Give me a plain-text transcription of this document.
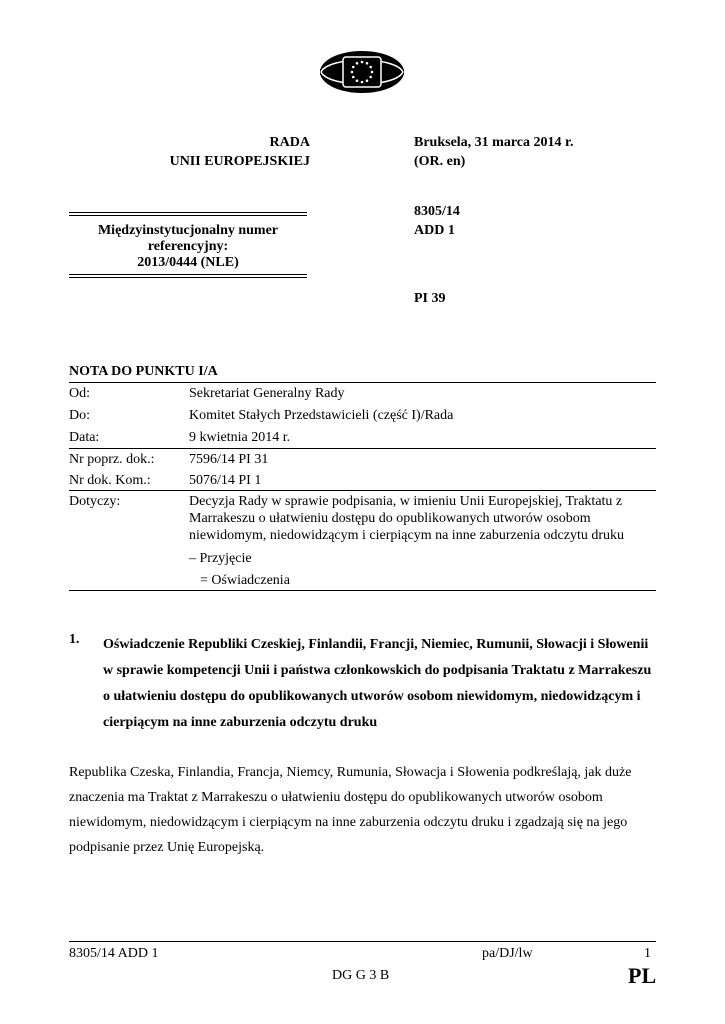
RADA
UNII EUROPEJSKIEJ
Bruksela, 31 marca 2014 r.
(OR. en)
8305/14
ADD 1
PI 39
Międzyinstytucjonalny numer
referencyjny:
2013/0444 (NLE)
NOTA DO PUNKTU I/A
Od:	Sekretariat Generalny Rady
Do:	Komitet Stałych Przedstawicieli (część I)/Rada
Data:	9 kwietnia 2014 r.
Nr poprz. dok.: 7596/14 PI 31
Nr dok. Kom.:	5076/14 PI 1
Dotyczy:	Decyzja Rady w sprawie podpisania, w imieniu Unii Europejskiej, Traktatu z Marrakeszu o ułatwieniu dostępu do opublikowanych utworów osobom niewidomym, niedowidzącym i cierpiącym na inne zaburzenia odczytu druku
– Przyjęcie
= Oświadczenia
1. Oświadczenie Republiki Czeskiej, Finlandii, Francji, Niemiec, Rumunii, Słowacji i Słowenii w sprawie kompetencji Unii i państwa członkowskich do podpisania Traktatu z Marrakeszu o ułatwieniu dostępu do opublikowanych utworów osobom niewidomym, niedowidzącym i cierpiącym na inne zaburzenia odczytu druku
Republika Czeska, Finlandia, Francja, Niemcy, Rumunia, Słowacja i Słowenia podkreślają, jak duże znaczenia ma Traktat z Marrakeszu o ułatwieniu dostępu do opublikowanych utworów osobom niewidomym, niedowidzącym i cierpiącym na inne zaburzenia odczytu druku i zgadzają się na jego podpisanie przez Unię Europejską.
8305/14 ADD 1	pa/DJ/lw	1
DG G 3 B	PL
